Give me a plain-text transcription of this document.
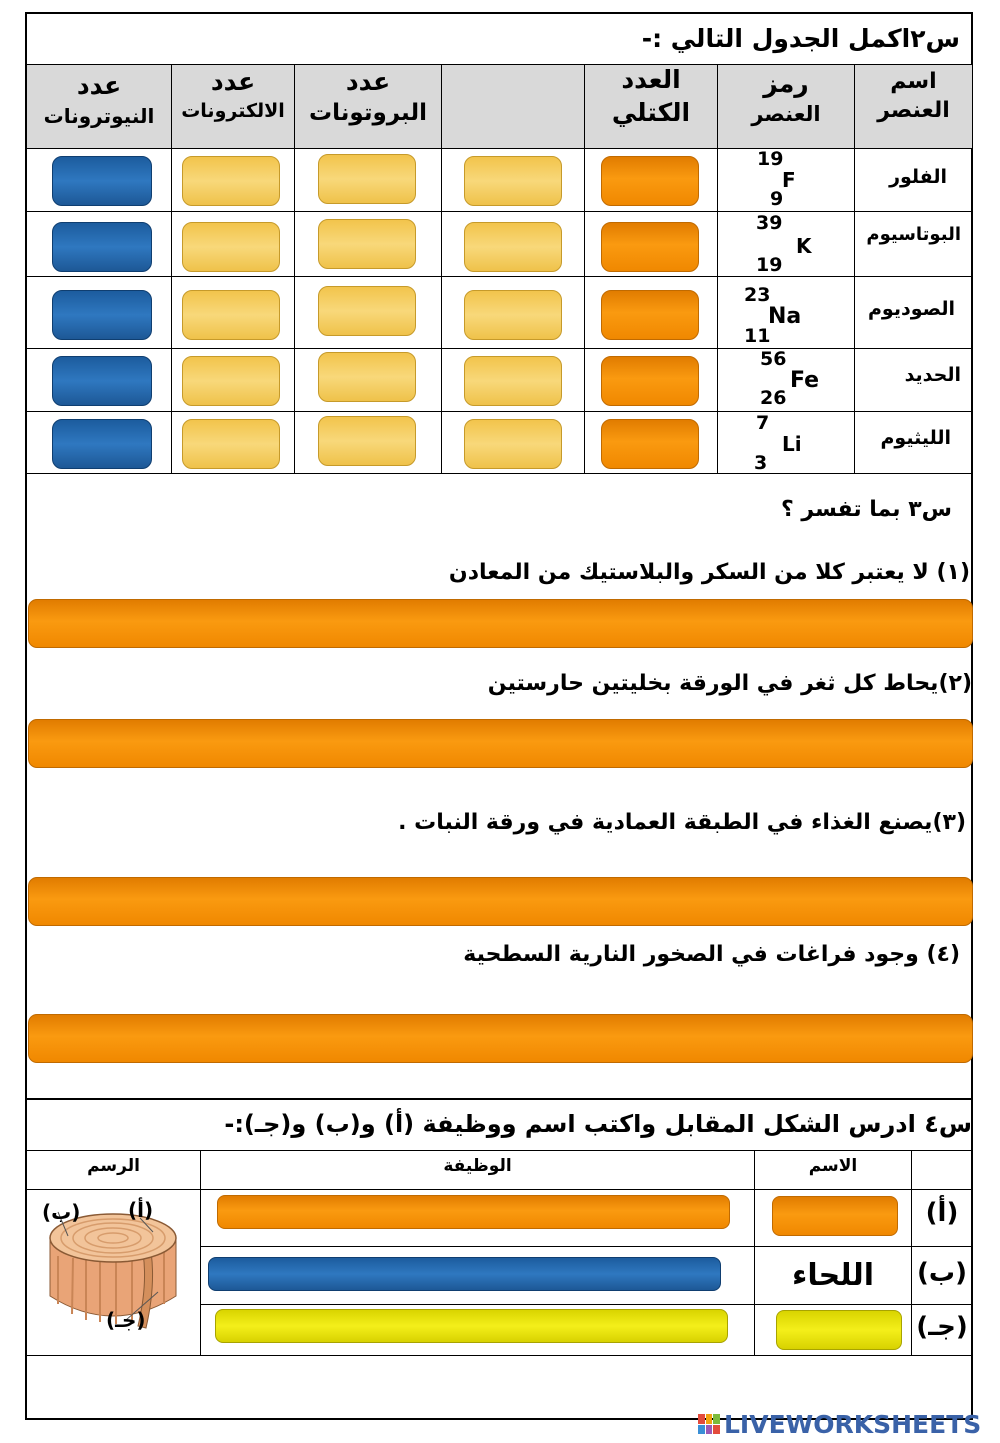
س٢اكمل الجدول التالي :-
عدد
النيوترونات
عدد
الالكترونات
عدد
البروتونات
العدد
الكتلي
رمز
العنصر
اسم
العنصر
19
F
9
الفلور
39
K
19
البوتاسيوم
23
Na
11
الصوديوم
56
Fe
26
الحديد
7
Li
3
الليثيوم
س٣ بما تفسر ؟
(١) لا يعتبر كلا من السكر والبلاستيك من المعادن
(٢)يحاط كل ثغر في الورقة بخليتين حارستين
(٣)يصنع الغذاء في الطبقة العمادية في ورقة النبات .
(٤) وجود فراغات في الصخور النارية السطحية
س٤ ادرس الشكل المقابل واكتب اسم ووظيفة (أ) و(ب) و(جـ):-
الرسم	الوظيفة	الاسم
(أ)
(ب)
(جـ)
اللحاء
(ب) (أ)
(جـ)
LIVEWORKSHEETS
